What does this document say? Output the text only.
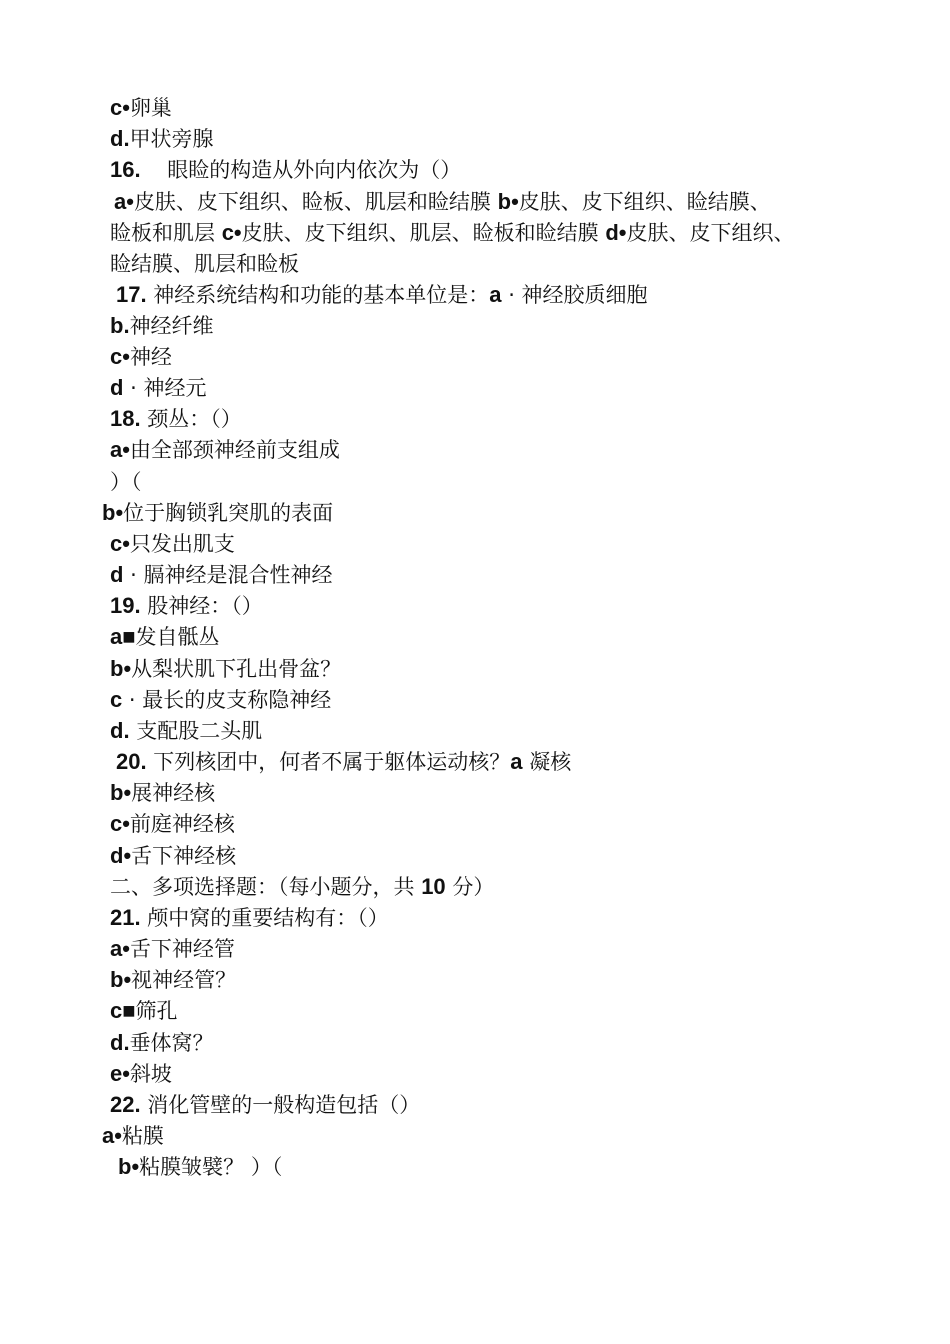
c•卵巢
d.甲状旁腺
16.    眼睑的构造从外向内依次为（）
a•皮肤、皮下组织、睑板、肌层和睑结膜 b•皮肤、皮下组织、睑结膜、
睑板和肌层 c•皮肤、皮下组织、肌层、睑板和睑结膜 d•皮肤、皮下组织、
睑结膜、肌层和睑板
17. 神经系统结构和功能的基本单位是：a · 神经胶质细胞
b.神经纤维
c•神经
d · 神经元
18. 颈丛：（）
a•由全部颈神经前支组成
）（
b•位于胸锁乳突肌的表面
c•只发出肌支
d · 膈神经是混合性神经
19. 股神经：（）
a■发自骶丛
b•从梨状肌下孔出骨盆？
c · 最长的皮支称隐神经
d. 支配股二头肌
20. 下列核团中，何者不属于躯体运动核？a 凝核
b•展神经核
c•前庭神经核
d•舌下神经核
二、多项选择题：（每小题分，共 10 分）
21. 颅中窝的重要结构有：（）
a•舌下神经管
b•视神经管？
c■筛孔
d.垂体窝？
e•斜坡
22. 消化管壁的一般构造包括（）
a•粘膜
b•粘膜皱襞？ ）（
